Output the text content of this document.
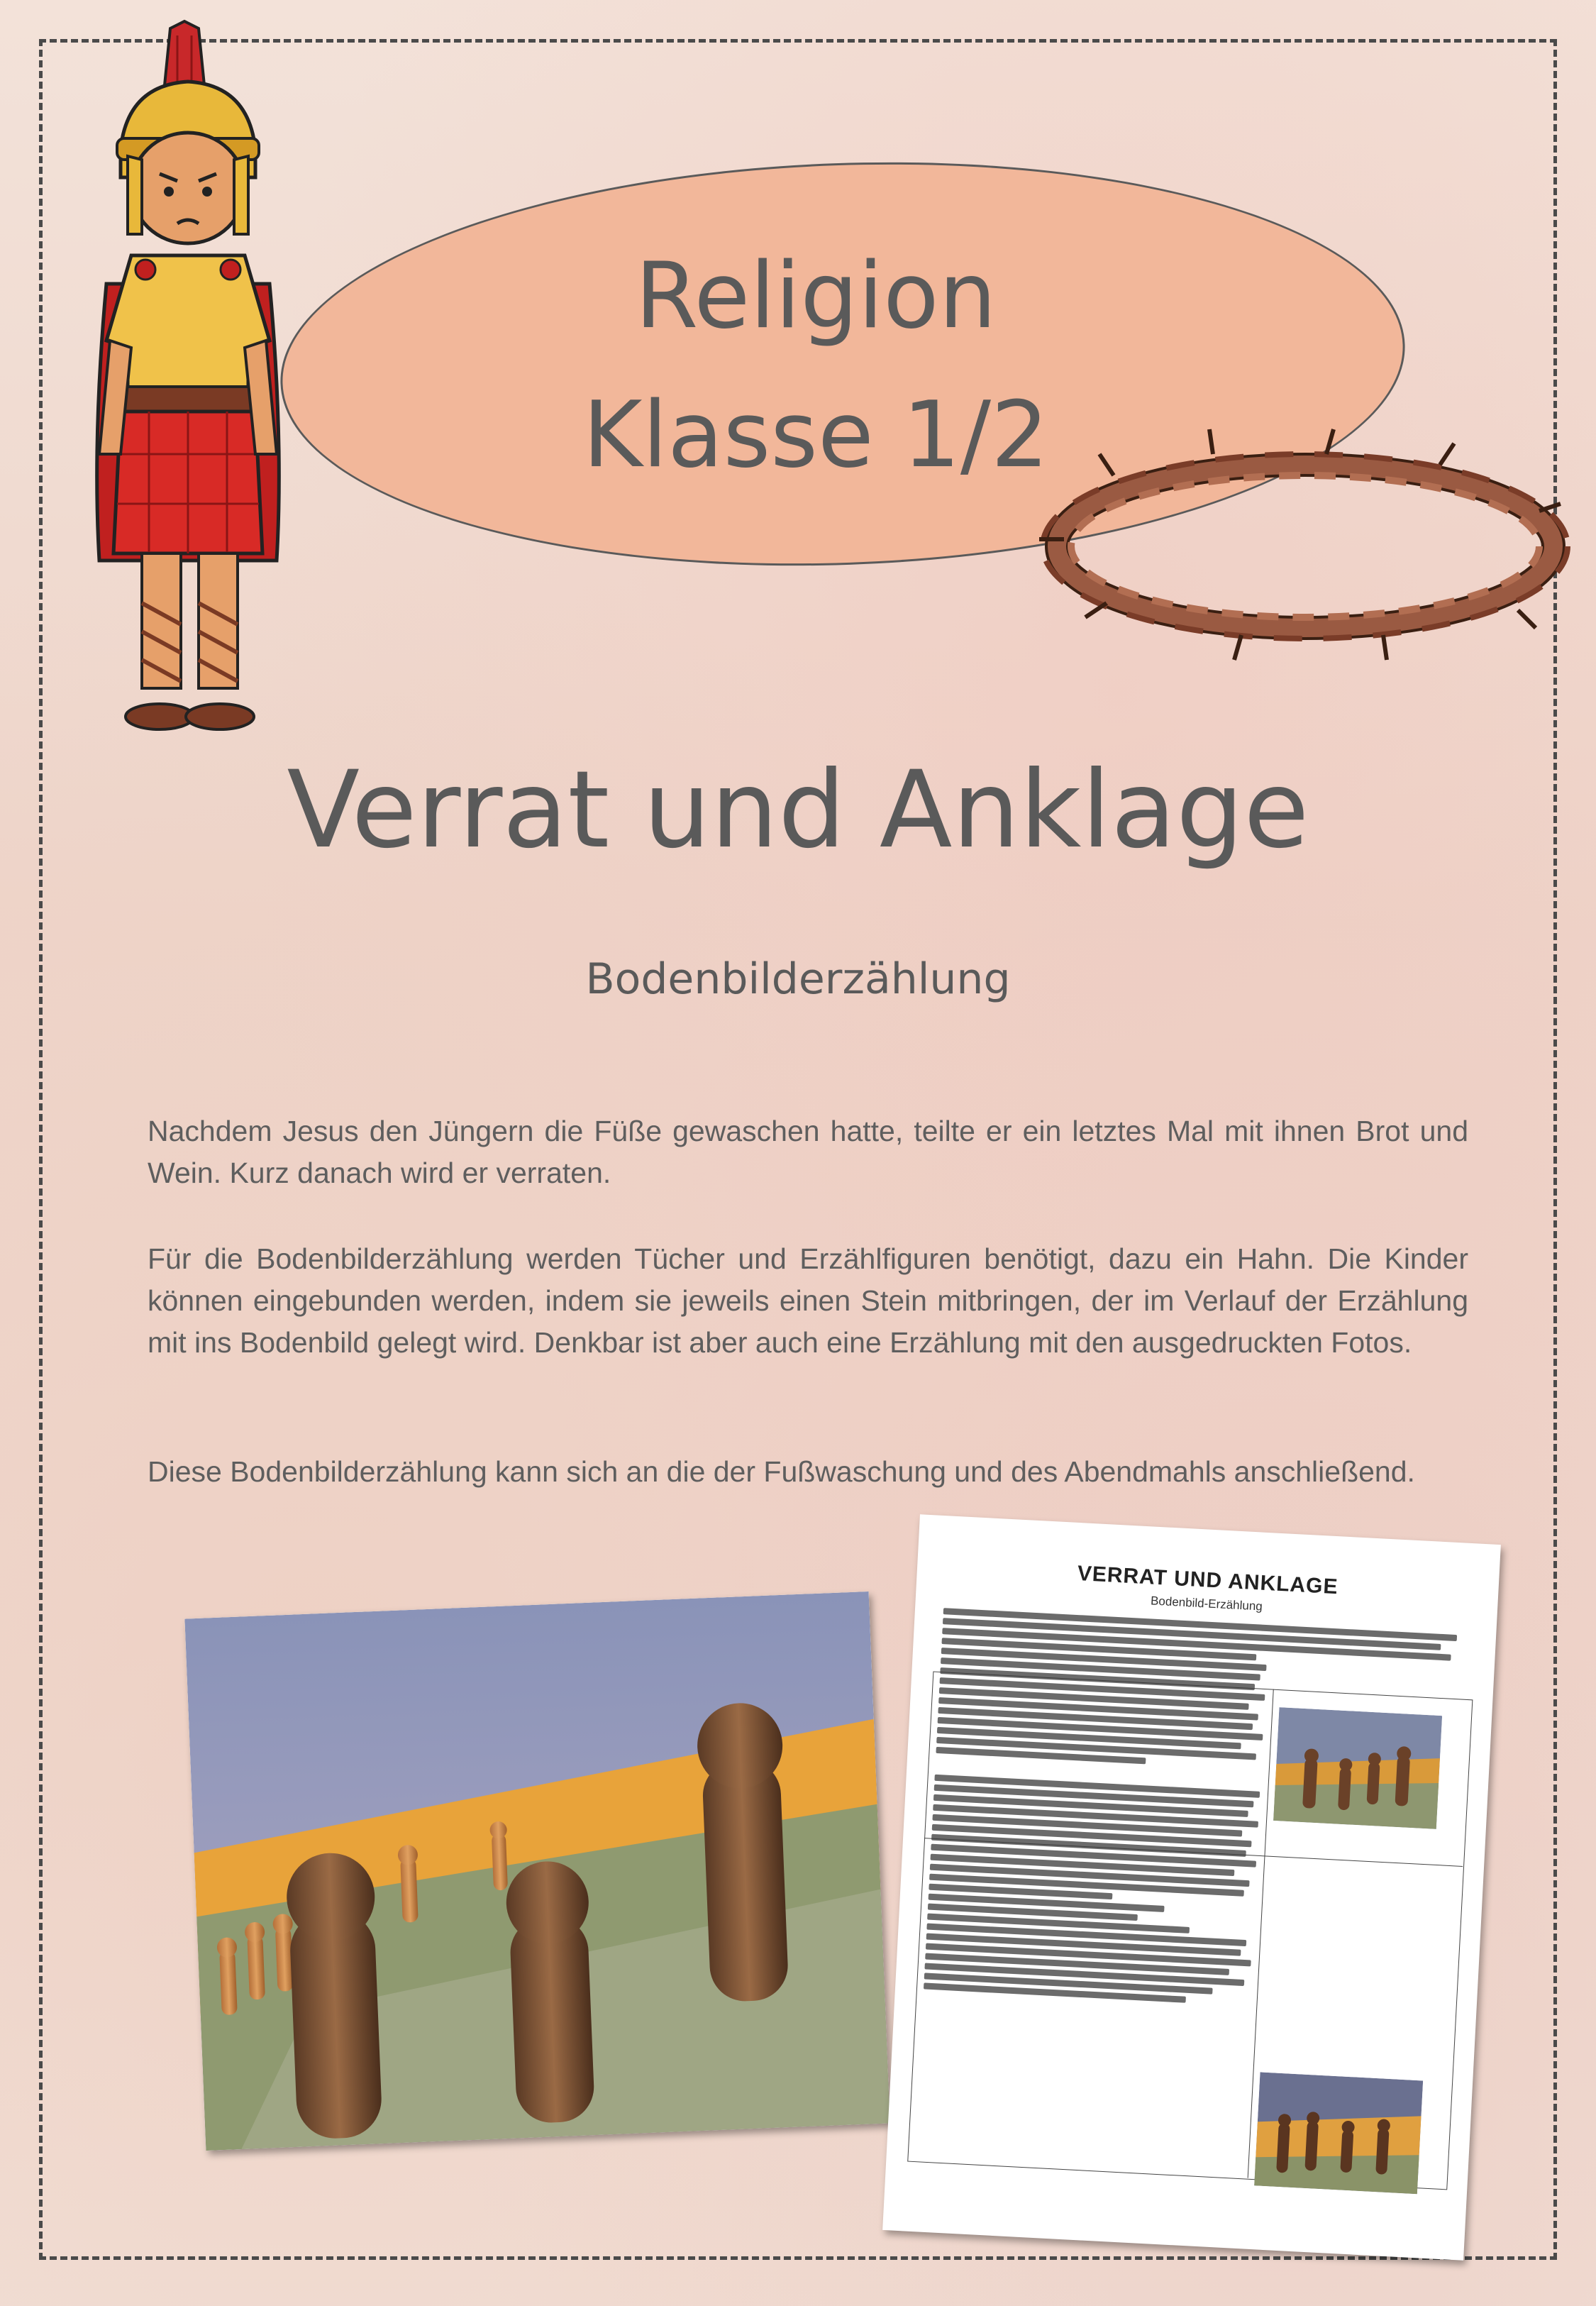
Religion
Klasse 1/2
Verrat und Anklage
Bodenbilderzählung

Nachdem Jesus den Jüngern die Füße gewaschen hatte, teilte er ein letztes Mal mit ihnen Brot und Wein. Kurz danach wird er verraten.

Für die Bodenbilderzählung werden Tücher und Erzählfiguren benötigt, dazu ein Hahn. Die Kinder können eingebunden werden, indem sie jeweils einen Stein mitbringen, der im Verlauf der Erzählung mit ins Bodenbild gelegt wird. Denkbar ist aber auch eine Erzählung mit den ausgedruckten Fotos.

Diese Bodenbilderzählung kann sich an die der Fußwaschung und des Abendmahls anschließend.

VERRAT UND ANKLAGE
Bodenbild-Erzählung
